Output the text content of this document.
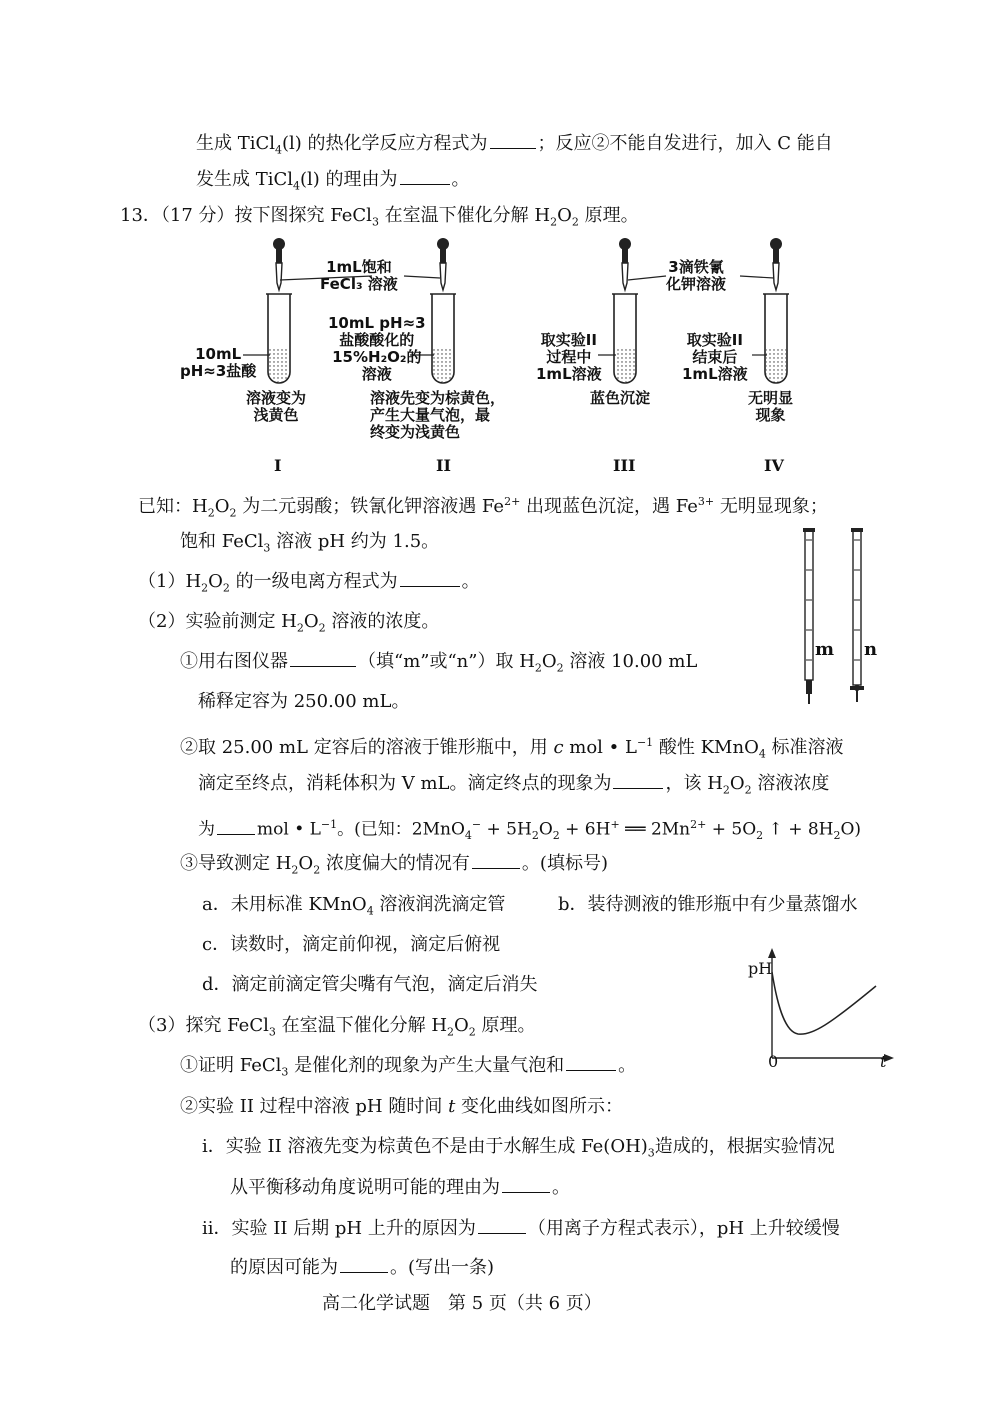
生成 TiCl$_4$(l) 的热化学反应方程式为	；反应②不能自发进行，加入 C 能自
发生成 TiCl$_4$(l) 的理由为	。
13．（17 分）按下图探究 FeCl$_3$ 在室温下催化分解 $H_2O_2$ 原理。
1mL饱和
FeCl₃ 溶液
3滴铁氰
化钾溶液
10mL
pH≈3盐酸
10mL pH≈3
盐酸酸化的
15%H₂O₂的
溶液
取实验II
过程中
1mL溶液
取实验II
结束后
1mL溶液
溶液变为
浅黄色
溶液先变为棕黄色，
产生大量气泡，最
终变为浅黄色
蓝色沉淀	无明显
现象
I	II	III	IV
已知：$H_2O_2$ 为二元弱酸；铁氰化钾溶液遇 $Fe^{2+}$ 出现蓝色沉淀，遇 $Fe^{3+}$ 无明显现象；
饱和 FeCl$_3$ 溶液 pH 约为 1.5。
m n
$(1)H_2O_2$ 的一级电离方程式为	。
（2）实验前测定 $H_2O_2$ 溶液的浓度。
①用右图仪器	（填“m”或“n”）取 $H_2O_2$ 溶液 10.00 mL
稀释定容为 250.00 mL。
②取 25.00 mL 定容后的溶液于锥形瓶中，用 c mol • $L^{-1}$ 酸性 KMnO$_4$ 标准溶液
滴定至终点，消耗体积为 V mL。滴定终点的现象为	，该 $H_2O_2$ 溶液浓度
为 mol • $L^{-1}$。(已知：$2MnO_4^- + 5H_2O_2 + 6H^+$ ══ $2Mn^{2+} + 5O_2$ ↑ + $8H_2O$)
③导致测定 $H_2O_2$ 浓度偏大的情况有	。(填标号)
a．未用标准 KMnO$_4$ 溶液润洗滴定管	b．装待测液的锥形瓶中有少量蒸馏水
c．读数时，滴定前仰视，滴定后俯视
d．滴定前滴定管尖嘴有气泡，滴定后消失
pH
0	t
（3）探究 FeCl$_3$ 在室温下催化分解 $H_2O_2$ 原理。
①证明 FeCl$_3$ 是催化剂的现象为产生大量气泡和	。
②实验 II 过程中溶液 pH 随时间 t 变化曲线如图所示：
i．实验 II 溶液先变为棕黄色不是由于水解生成 $Fe(OH)_3$造成的，根据实验情况
从平衡移动角度说明可能的理由为	。
ii．实验 II 后期 pH 上升的原因为	（用离子方程式表示），pH 上升较缓慢
的原因可能为	。(写出一条)
高二化学试题　第 5 页（共 6 页）
